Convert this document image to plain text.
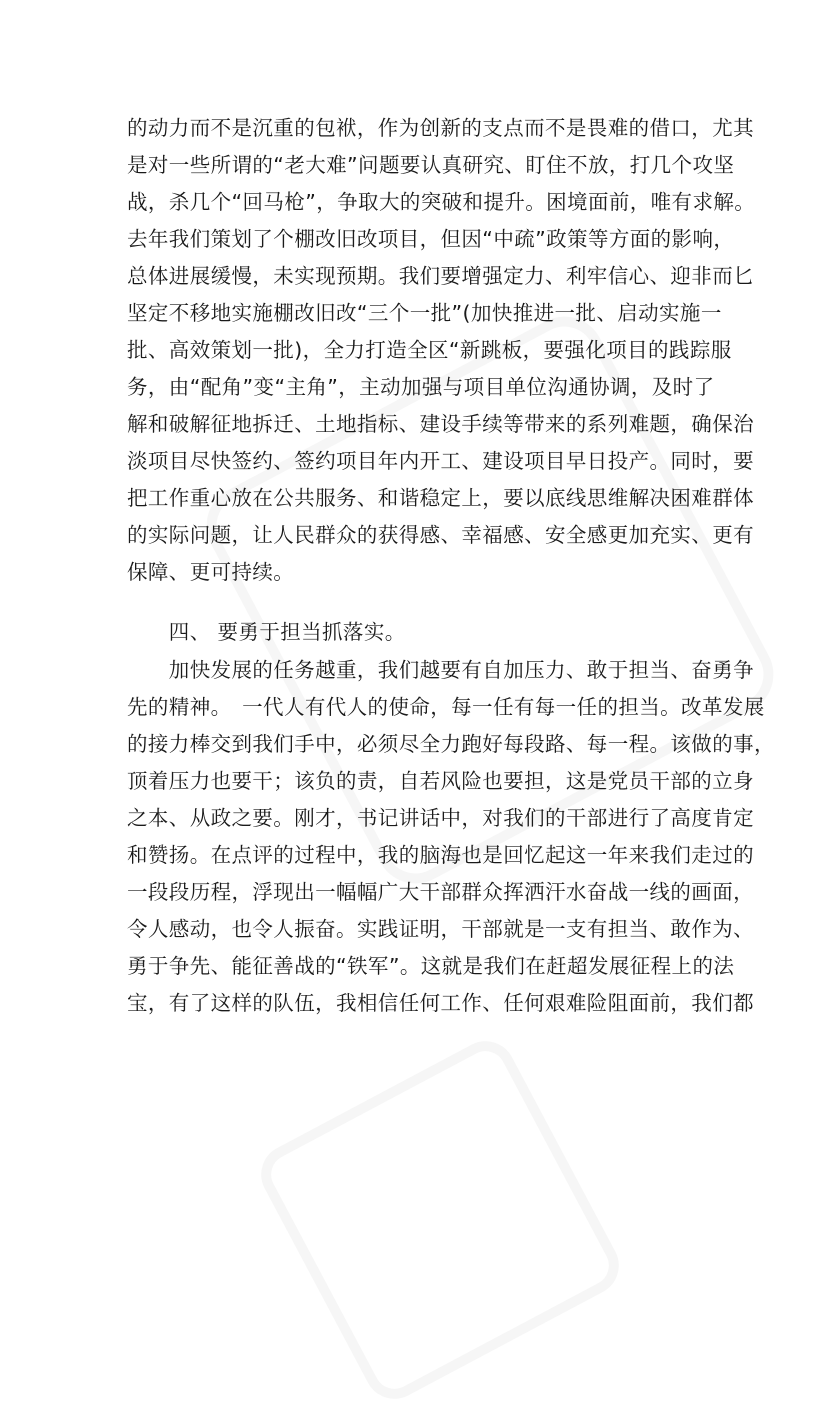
的动力而不是沉重的包袱，作为创新的支点而不是畏难的借口，尤其
是对一些所谓的“老大难”问题要认真研究、盯住不放，打几个攻坚
战，杀几个“回马枪”，争取大的突破和提升。困境面前，唯有求解。
去年我们策划了个棚改旧改项目，但因“中疏”政策等方面的影响，
总体进展缓慢，未实现预期。我们要增强定力、利牢信心、迎非而匕
坚定不移地实施棚改旧改“三个一批”(加快推进一批、启动实施一
批、高效策划一批)，全力打造全区“新跳板，要强化项目的践踪服
务，由“配角”变“主角”，主动加强与项目单位沟通协调，及时了
解和破解征地拆迁、土地指标、建设手续等带来的系列难题，确保治
淡项目尽快签约、签约项目年内开工、建设项目早日投产。同时，要
把工作重心放在公共服务、和谐稳定上，要以底线思维解决困难群体
的实际问题，让人民群众的获得感、幸福感、安全感更加充实、更有
保障、更可持续。
　　四、 要勇于担当抓落实。
　　加快发展的任务越重，我们越要有自加压力、敢于担当、奋勇争
先的精神。　一代人有代人的使命，每一任有每一任的担当。改革发展
的接力棒交到我们手中，必须尽全力跑好每段路、每一程。该做的事，
顶着压力也要干；该负的责，自若风险也要担，这是党员干部的立身
之本、从政之要。刚才，书记讲话中，对我们的干部进行了高度肯定
和赞扬。在点评的过程中，我的脑海也是回忆起这一年来我们走过的
一段段历程，浮现出一幅幅广大干部群众挥洒汗水奋战一线的画面，
令人感动，也令人振奋。实践证明，干部就是一支有担当、敢作为、
勇于争先、能征善战的“铁军”。这就是我们在赶超发展征程上的法
宝，有了这样的队伍，我相信任何工作、任何艰难险阻面前，我们都
